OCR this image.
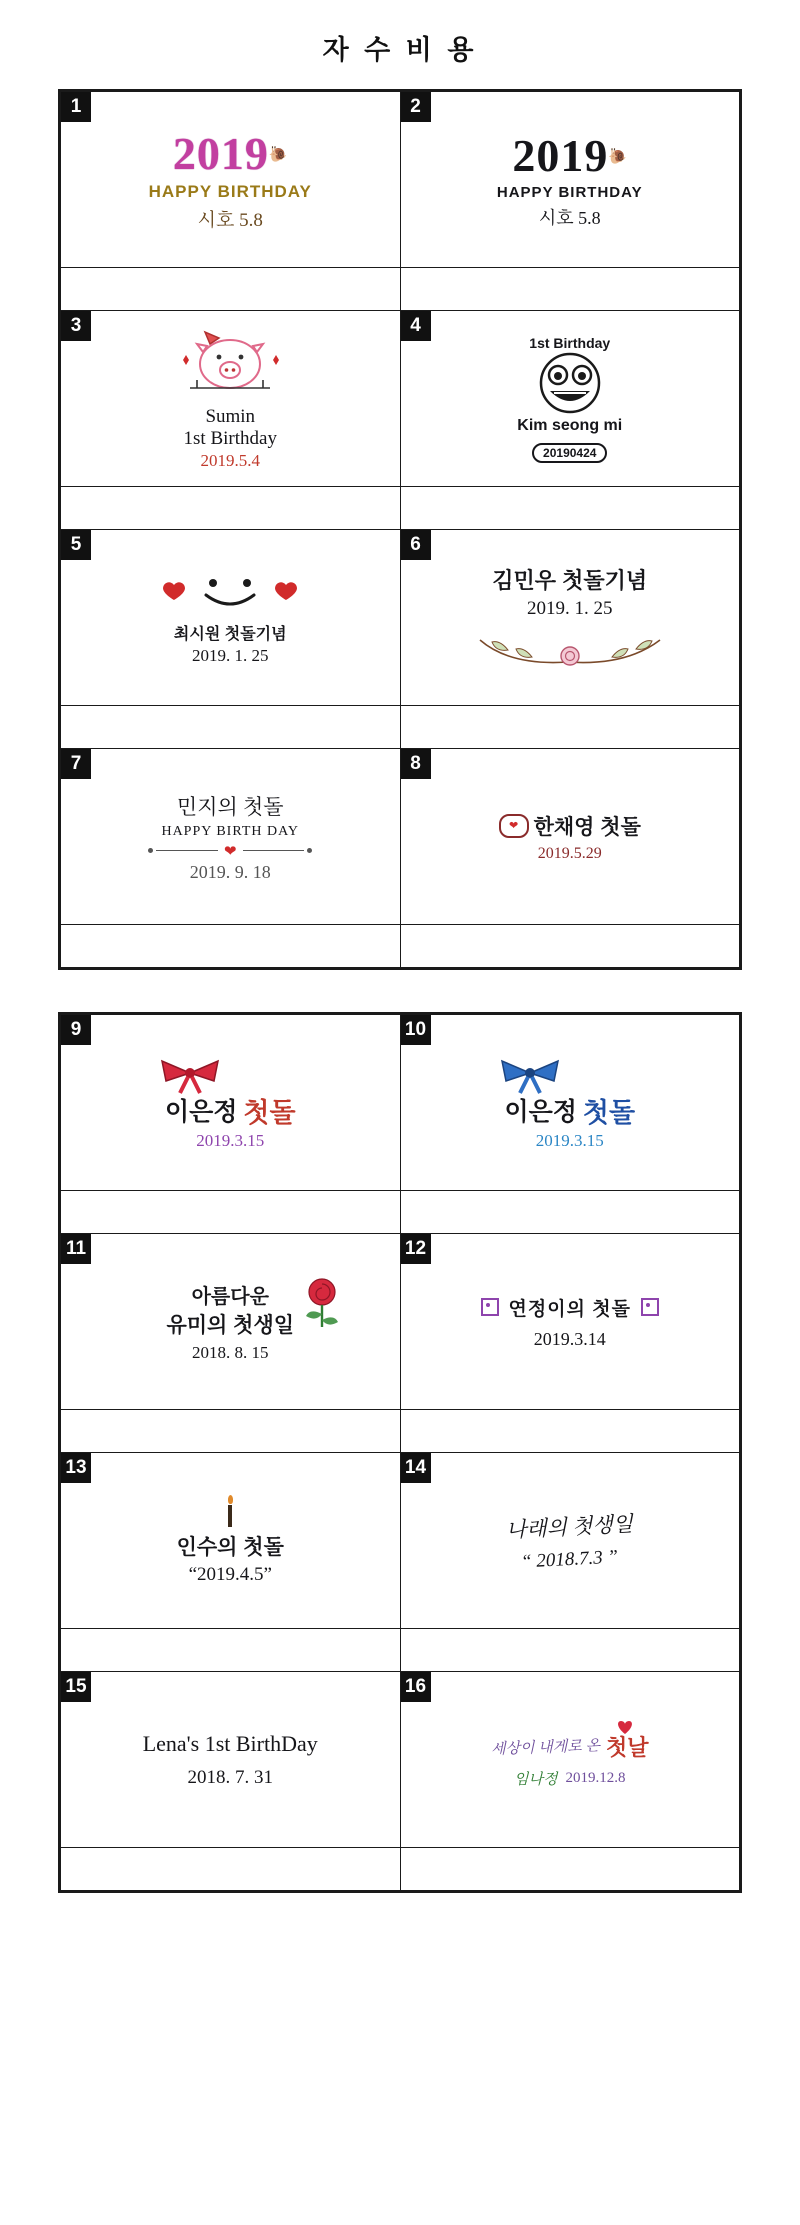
자 수 비 용
1
2019 🐌
HAPPY BIRTHDAY
시호 5.8

2
2019 🐌
HAPPY BIRTHDAY
시호 5.8

3
Sumin
1st Birthday
2019.5.4

4
1st Birthday
Kim seong mi
20190424

5
최시원 첫돌기념
2019. 1. 25

6
김민우 첫돌기념
2019. 1. 25

7
민지의 첫돌
HAPPY BIRTH DAY
❤
2019. 9. 18

8
❤ 한채영 첫돌
2019.5.29

9
이은정 첫돌
2019.3.15

10
이은정 첫돌
2019.3.15

11
아름다운
유미의 첫생일
2018. 8. 15

12
연정이의 첫돌
2019.3.14

13
인수의 첫돌
“2019.4.5”

14
나래의 첫생일
“ 2018.7.3 ”

15
Lena's 1st BirthDay
2018. 7. 31

16
세상이 내게로 온 첫날
임나정 2019.12.8
